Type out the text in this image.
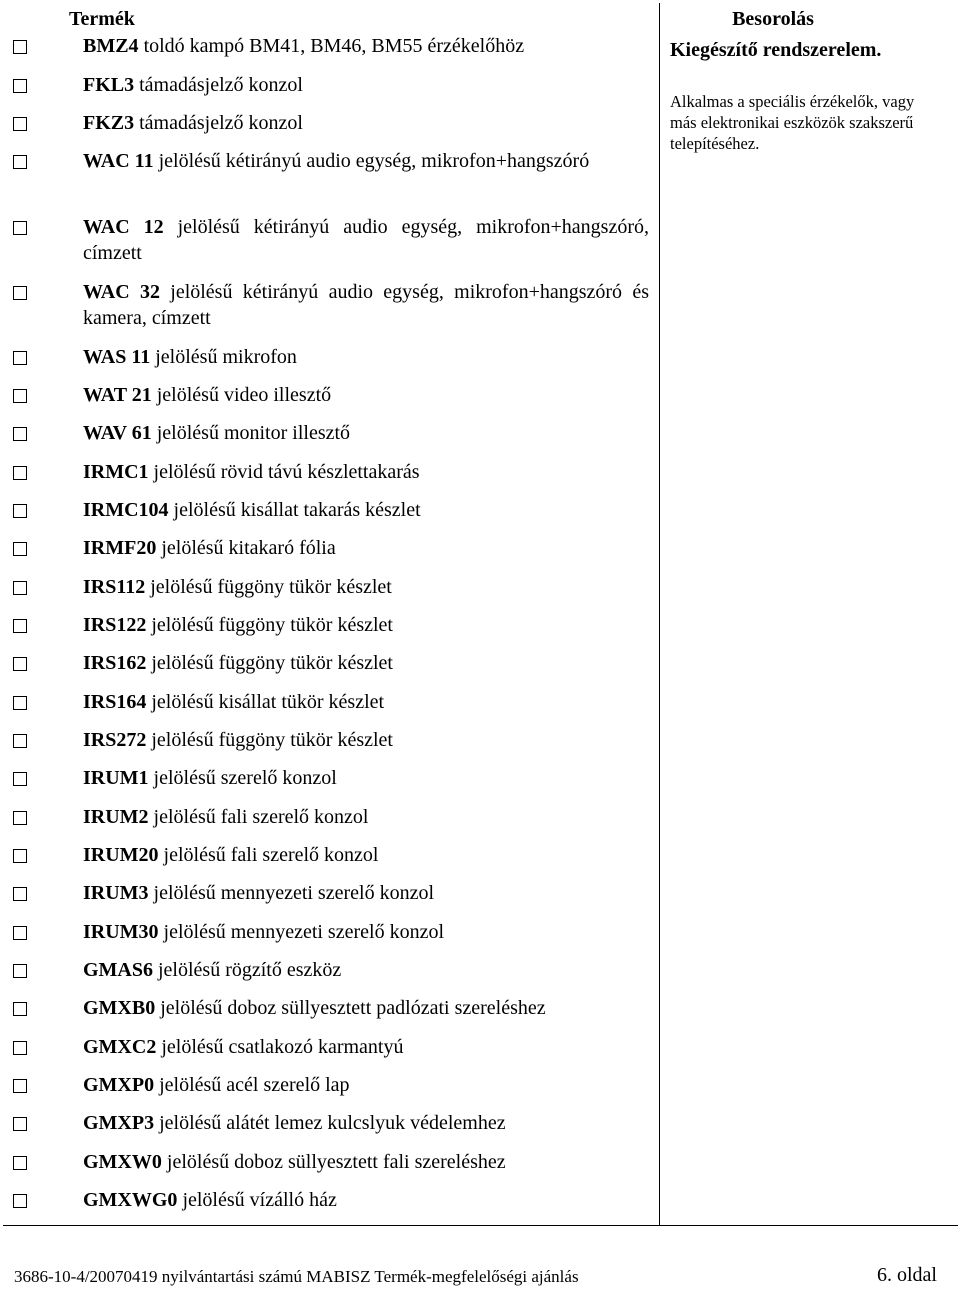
Termék	Besorolás
Kiegészítő rendszerelem.
Alkalmas a speciális érzékelők, vagy más elektronikai eszközök szakszerű telepítéséhez.
BMZ4 toldó kampó BM41, BM46, BM55 érzékelőhöz
FKL3 támadásjelző konzol
FKZ3 támadásjelző konzol
WAC 11 jelölésű kétirányú audio egység, mikrofon+hangszóró
WAC 12 jelölésű kétirányú audio egység, mikrofon+hangszóró, címzett
WAC 32 jelölésű kétirányú audio egység, mikrofon+hangszóró és kamera, címzett
WAS 11 jelölésű mikrofon
WAT 21 jelölésű video illesztő
WAV 61 jelölésű monitor illesztő
IRMC1 jelölésű rövid távú készlettakarás
IRMC104 jelölésű kisállat takarás készlet
IRMF20 jelölésű kitakaró fólia
IRS112 jelölésű függöny tükör készlet
IRS122 jelölésű függöny tükör készlet
IRS162 jelölésű függöny tükör készlet
IRS164 jelölésű kisállat tükör készlet
IRS272 jelölésű függöny tükör készlet
IRUM1 jelölésű szerelő konzol
IRUM2 jelölésű fali szerelő konzol
IRUM20 jelölésű fali szerelő konzol
IRUM3 jelölésű mennyezeti szerelő konzol
IRUM30 jelölésű mennyezeti szerelő konzol
GMAS6 jelölésű rögzítő eszköz
GMXB0 jelölésű doboz süllyesztett padlózati szereléshez
GMXC2 jelölésű csatlakozó karmantyú
GMXP0 jelölésű acél szerelő lap
GMXP3 jelölésű alátét lemez kulcslyuk védelemhez
GMXW0 jelölésű doboz süllyesztett fali szereléshez
GMXWG0 jelölésű vízálló ház
3686-10-4/20070419 nyilvántartási számú MABISZ Termék-megfelelőségi ajánlás	6. oldal
